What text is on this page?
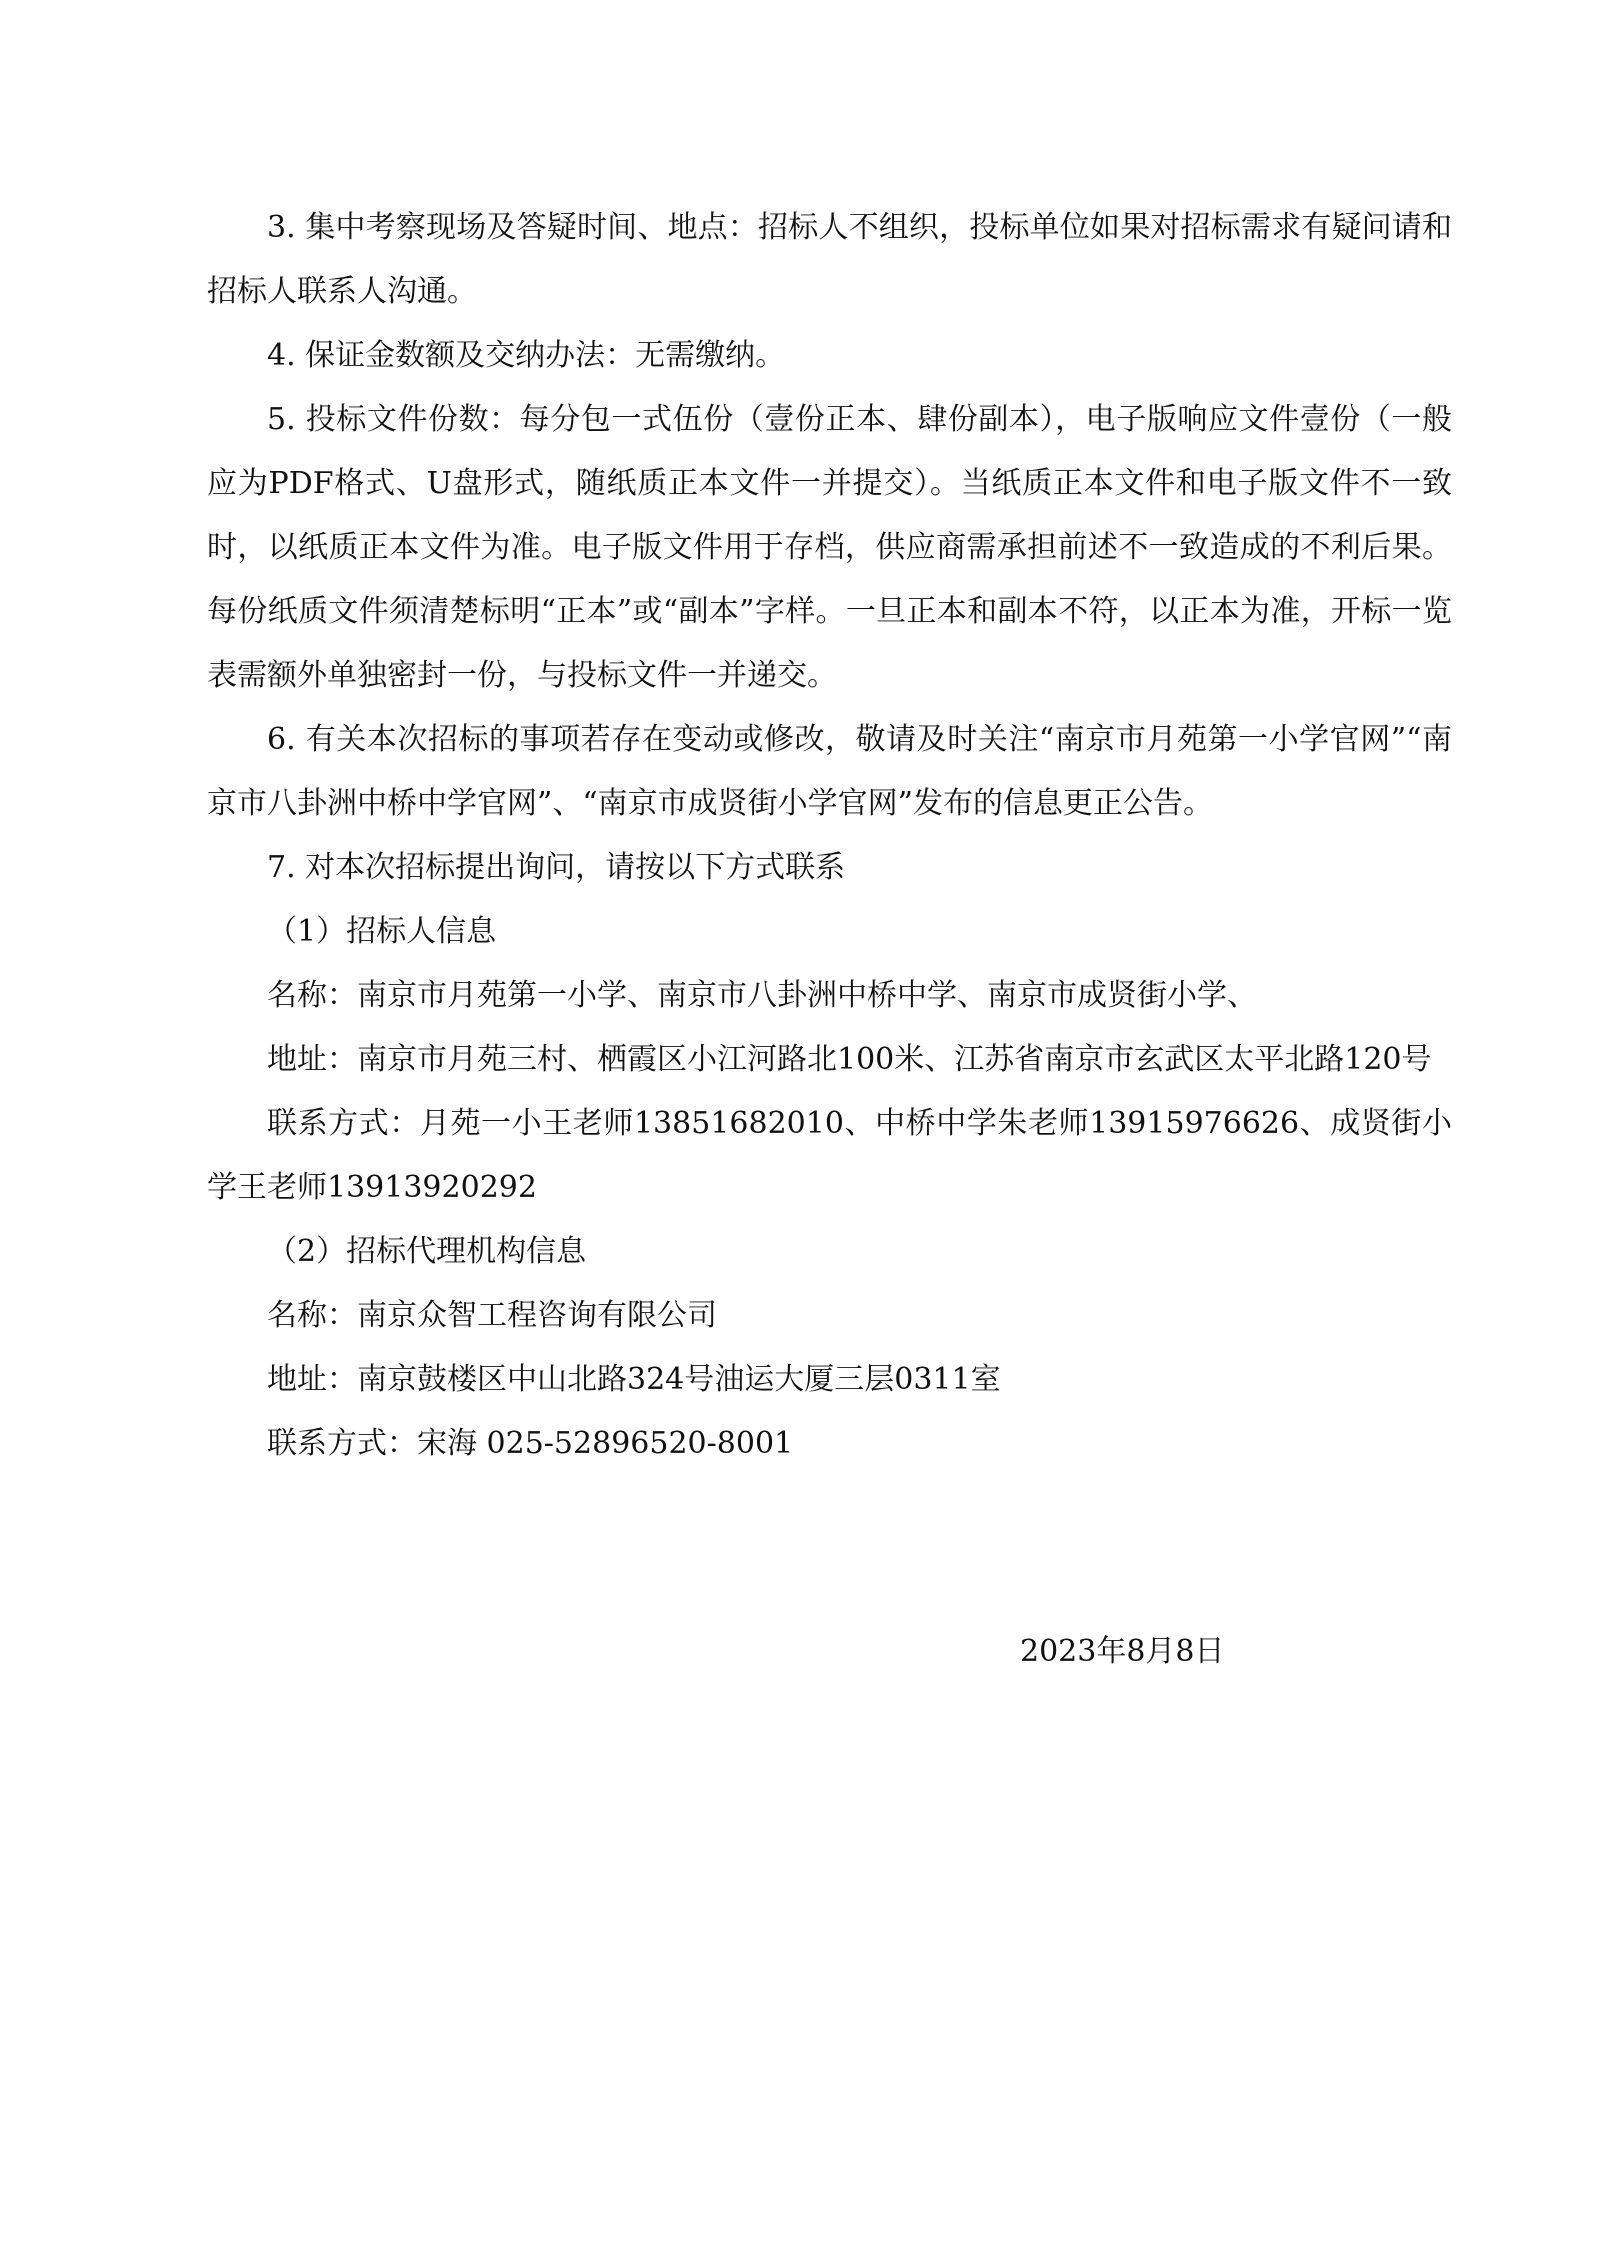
3. 集中考察现场及答疑时间、地点：招标人不组织，投标单位如果对招标需求有疑问请和招标人联系人沟通。

4. 保证金数额及交纳办法：无需缴纳。

5. 投标文件份数：每分包一式伍份（壹份正本、肆份副本），电子版响应文件壹份（一般应为PDF格式、U盘形式，随纸质正本文件一并提交）。当纸质正本文件和电子版文件不一致时，以纸质正本文件为准。电子版文件用于存档，供应商需承担前述不一致造成的不利后果。每份纸质文件须清楚标明“正本”或“副本”字样。一旦正本和副本不符，以正本为准，开标一览表需额外单独密封一份，与投标文件一并递交。

6. 有关本次招标的事项若存在变动或修改，敬请及时关注“南京市月苑第一小学官网”“南京市八卦洲中桥中学官网”、“南京市成贤街小学官网”发布的信息更正公告。

7. 对本次招标提出询问，请按以下方式联系

（1）招标人信息

名称：南京市月苑第一小学、南京市八卦洲中桥中学、南京市成贤街小学、

地址：南京市月苑三村、栖霞区小江河路北100米、江苏省南京市玄武区太平北路120号

联系方式：月苑一小王老师13851682010、中桥中学朱老师13915976626、成贤街小学王老师13913920292

（2）招标代理机构信息

名称：南京众智工程咨询有限公司

地址：南京鼓楼区中山北路324号油运大厦三层0311室

联系方式：宋海 025-52896520-8001

2023年8月8日
